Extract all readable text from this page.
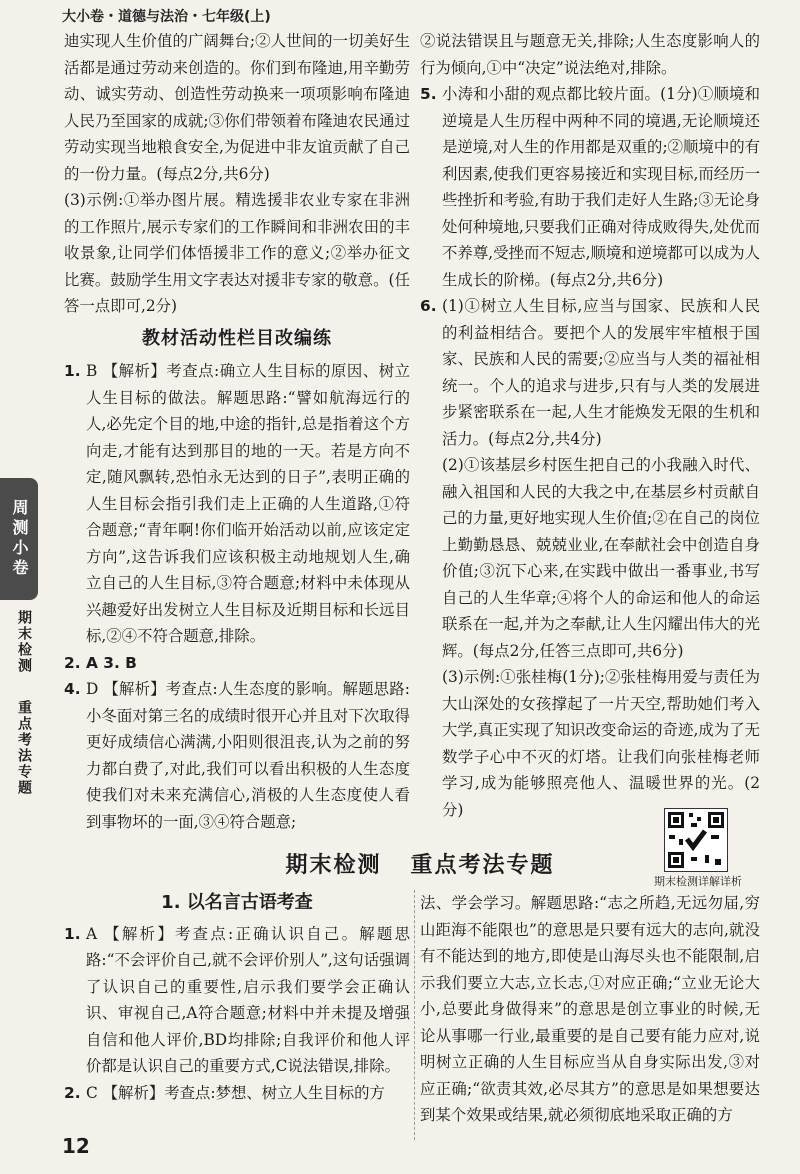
大小卷・道德与法治・七年级(上)

迪实现人生价值的广阔舞台;②人世间的一切美好生活都是通过劳动来创造的。你们到布隆迪,用辛勤劳动、诚实劳动、创造性劳动换来一项项影响布隆迪人民乃至国家的成就;③你们带领着布隆迪农民通过劳动实现当地粮食安全,为促进中非友谊贡献了自己的一份力量。(每点2分,共6分)

(3)示例:①举办图片展。精选援非农业专家在非洲的工作照片,展示专家们的工作瞬间和非洲农田的丰收景象,让同学们体悟援非工作的意义;②举办征文比赛。鼓励学生用文字表达对援非专家的敬意。(任答一点即可,2分)

教材活动性栏目改编练
1. B 【解析】考查点:确立人生目标的原因、树立人生目标的做法。解题思路:“譬如航海远行的人,必先定个目的地,中途的指针,总是指着这个方向走,才能有达到那目的地的一天。若是方向不定,随风飘转,恐怕永无达到的日子”,表明正确的人生目标会指引我们走上正确的人生道路,①符合题意;“青年啊!你们临开始活动以前,应该定定方向”,这告诉我们应该积极主动地规划人生,确立自己的人生目标,③符合题意;材料中未体现从兴趣爱好出发树立人生目标及近期目标和长远目标,②④不符合题意,排除。

2. A 3. B

4. D 【解析】考查点:人生态度的影响。解题思路:小冬面对第三名的成绩时很开心并且对下次取得更好成绩信心满满,小阳则很沮丧,认为之前的努力都白费了,对此,我们可以看出积极的人生态度使我们对未来充满信心,消极的人生态度使人看到事物坏的一面,③④符合题意;

②说法错误且与题意无关,排除;人生态度影响人的行为倾向,①中“决定”说法绝对,排除。

5. 小涛和小甜的观点都比较片面。(1分)①顺境和逆境是人生历程中两种不同的境遇,无论顺境还是逆境,对人生的作用都是双重的;②顺境中的有利因素,使我们更容易接近和实现目标,而经历一些挫折和考验,有助于我们走好人生路;③无论身处何种境地,只要我们正确对待成败得失,处优而不养尊,受挫而不短志,顺境和逆境都可以成为人生成长的阶梯。(每点2分,共6分)

6. (1)①树立人生目标,应当与国家、民族和人民的利益相结合。要把个人的发展牢牢植根于国家、民族和人民的需要;②应当与人类的福祉相统一。个人的追求与进步,只有与人类的发展进步紧密联系在一起,人生才能焕发无限的生机和活力。(每点2分,共4分)

(2)①该基层乡村医生把自己的小我融入时代、融入祖国和人民的大我之中,在基层乡村贡献自己的力量,更好地实现人生价值;②在自己的岗位上勤勤恳恳、兢兢业业,在奉献社会中创造自身价值;③沉下心来,在实践中做出一番事业,书写自己的人生华章;④将个人的命运和他人的命运联系在一起,并为之奉献,让人生闪耀出伟大的光辉。(每点2分,任答三点即可,共6分)

(3)示例:①张桂梅(1分);②张桂梅用爱与责任为大山深处的女孩撑起了一片天空,帮助她们考入大学,真正实现了知识改变命运的奇迹,成为了无数学子心中不灭的灯塔。让我们向张桂梅老师学习,成为能够照亮他人、温暖世界的光。(2分)

期末检测详解详析
期末检测   重点考法专题
1. 以名言古语考查
1. A 【解析】考查点:正确认识自己。解题思路:“不会评价自己,就不会评价别人”,这句话强调了认识自己的重要性,启示我们要学会正确认识、审视自己,A符合题意;材料中并未提及增强自信和他人评价,BD均排除;自我评价和他人评价都是认识自己的重要方式,C说法错误,排除。

2. C 【解析】考查点:梦想、树立人生目标的方

法、学会学习。解题思路:“志之所趋,无远勿届,穷山距海不能限也”的意思是只要有远大的志向,就没有不能达到的地方,即使是山海尽头也不能限制,启示我们要立大志,立长志,①对应正确;“立业无论大小,总要此身做得来”的意思是创立事业的时候,无论从事哪一行业,最重要的是自己要有能力应对,说明树立正确的人生目标应当从自身实际出发,③对应正确;“欲责其效,必尽其方”的意思是如果想要达到某个效果或结果,就必须彻底地采取正确的方

周测小卷
期末检测
重点考法专题
12
